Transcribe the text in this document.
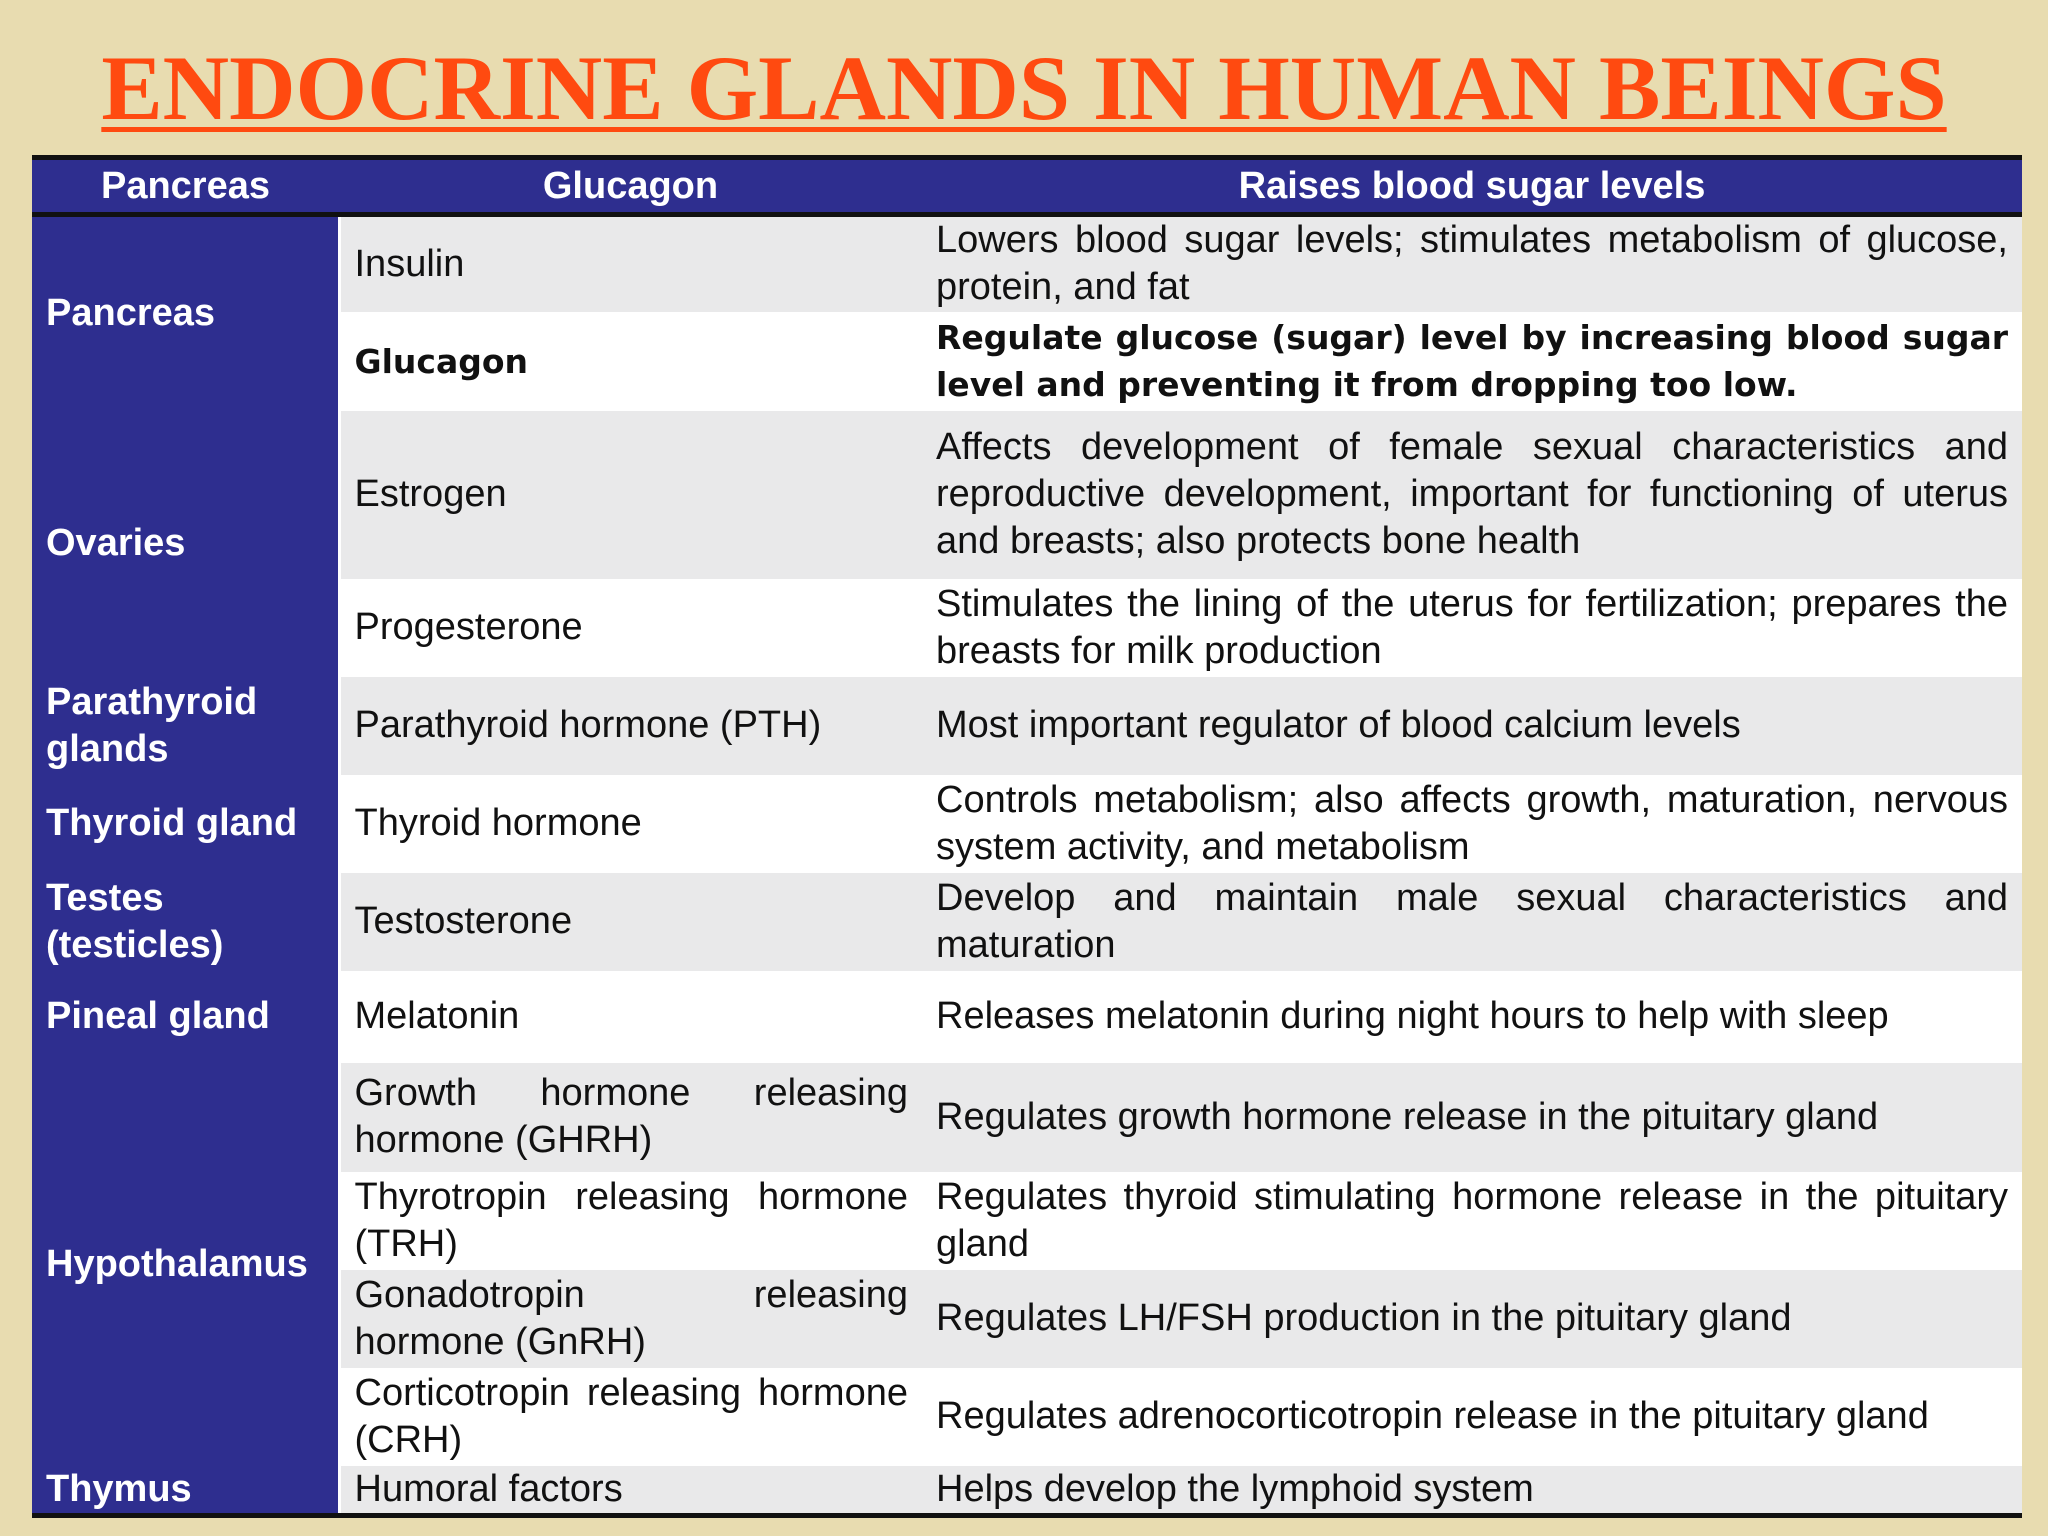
ENDOCRINE GLANDS IN HUMAN BEINGS
Pancreas	Glucagon	Raises blood sugar levels
Pancreas	Insulin	Lowers blood sugar levels; stimulates metabolism of glucose, protein, and fat
	Glucagon	Regulate glucose (sugar) level by increasing blood sugar level and preventing it from dropping too low.
Ovaries	Estrogen	Affects development of female sexual characteristics and reproductive development, important for functioning of uterus and breasts; also protects bone health
	Progesterone	Stimulates the lining of the uterus for fertilization; prepares the breasts for milk production
Parathyroid glands	Parathyroid hormone (PTH)	Most important regulator of blood calcium levels
Thyroid gland	Thyroid hormone	Controls metabolism; also affects growth, maturation, nervous system activity, and metabolism
Testes (testicles)	Testosterone	Develop and maintain male sexual characteristics and maturation
Pineal gland	Melatonin	Releases melatonin during night hours to help with sleep
Hypothalamus	Growth hormone releasing hormone (GHRH)	Regulates growth hormone release in the pituitary gland
	Thyrotropin releasing hormone (TRH)	Regulates thyroid stimulating hormone release in the pituitary gland
	Gonadotropin releasing hormone (GnRH)	Regulates LH/FSH production in the pituitary gland
	Corticotropin releasing hormone (CRH)	Regulates adrenocorticotropin release in the pituitary gland
Thymus	Humoral factors	Helps develop the lymphoid system
